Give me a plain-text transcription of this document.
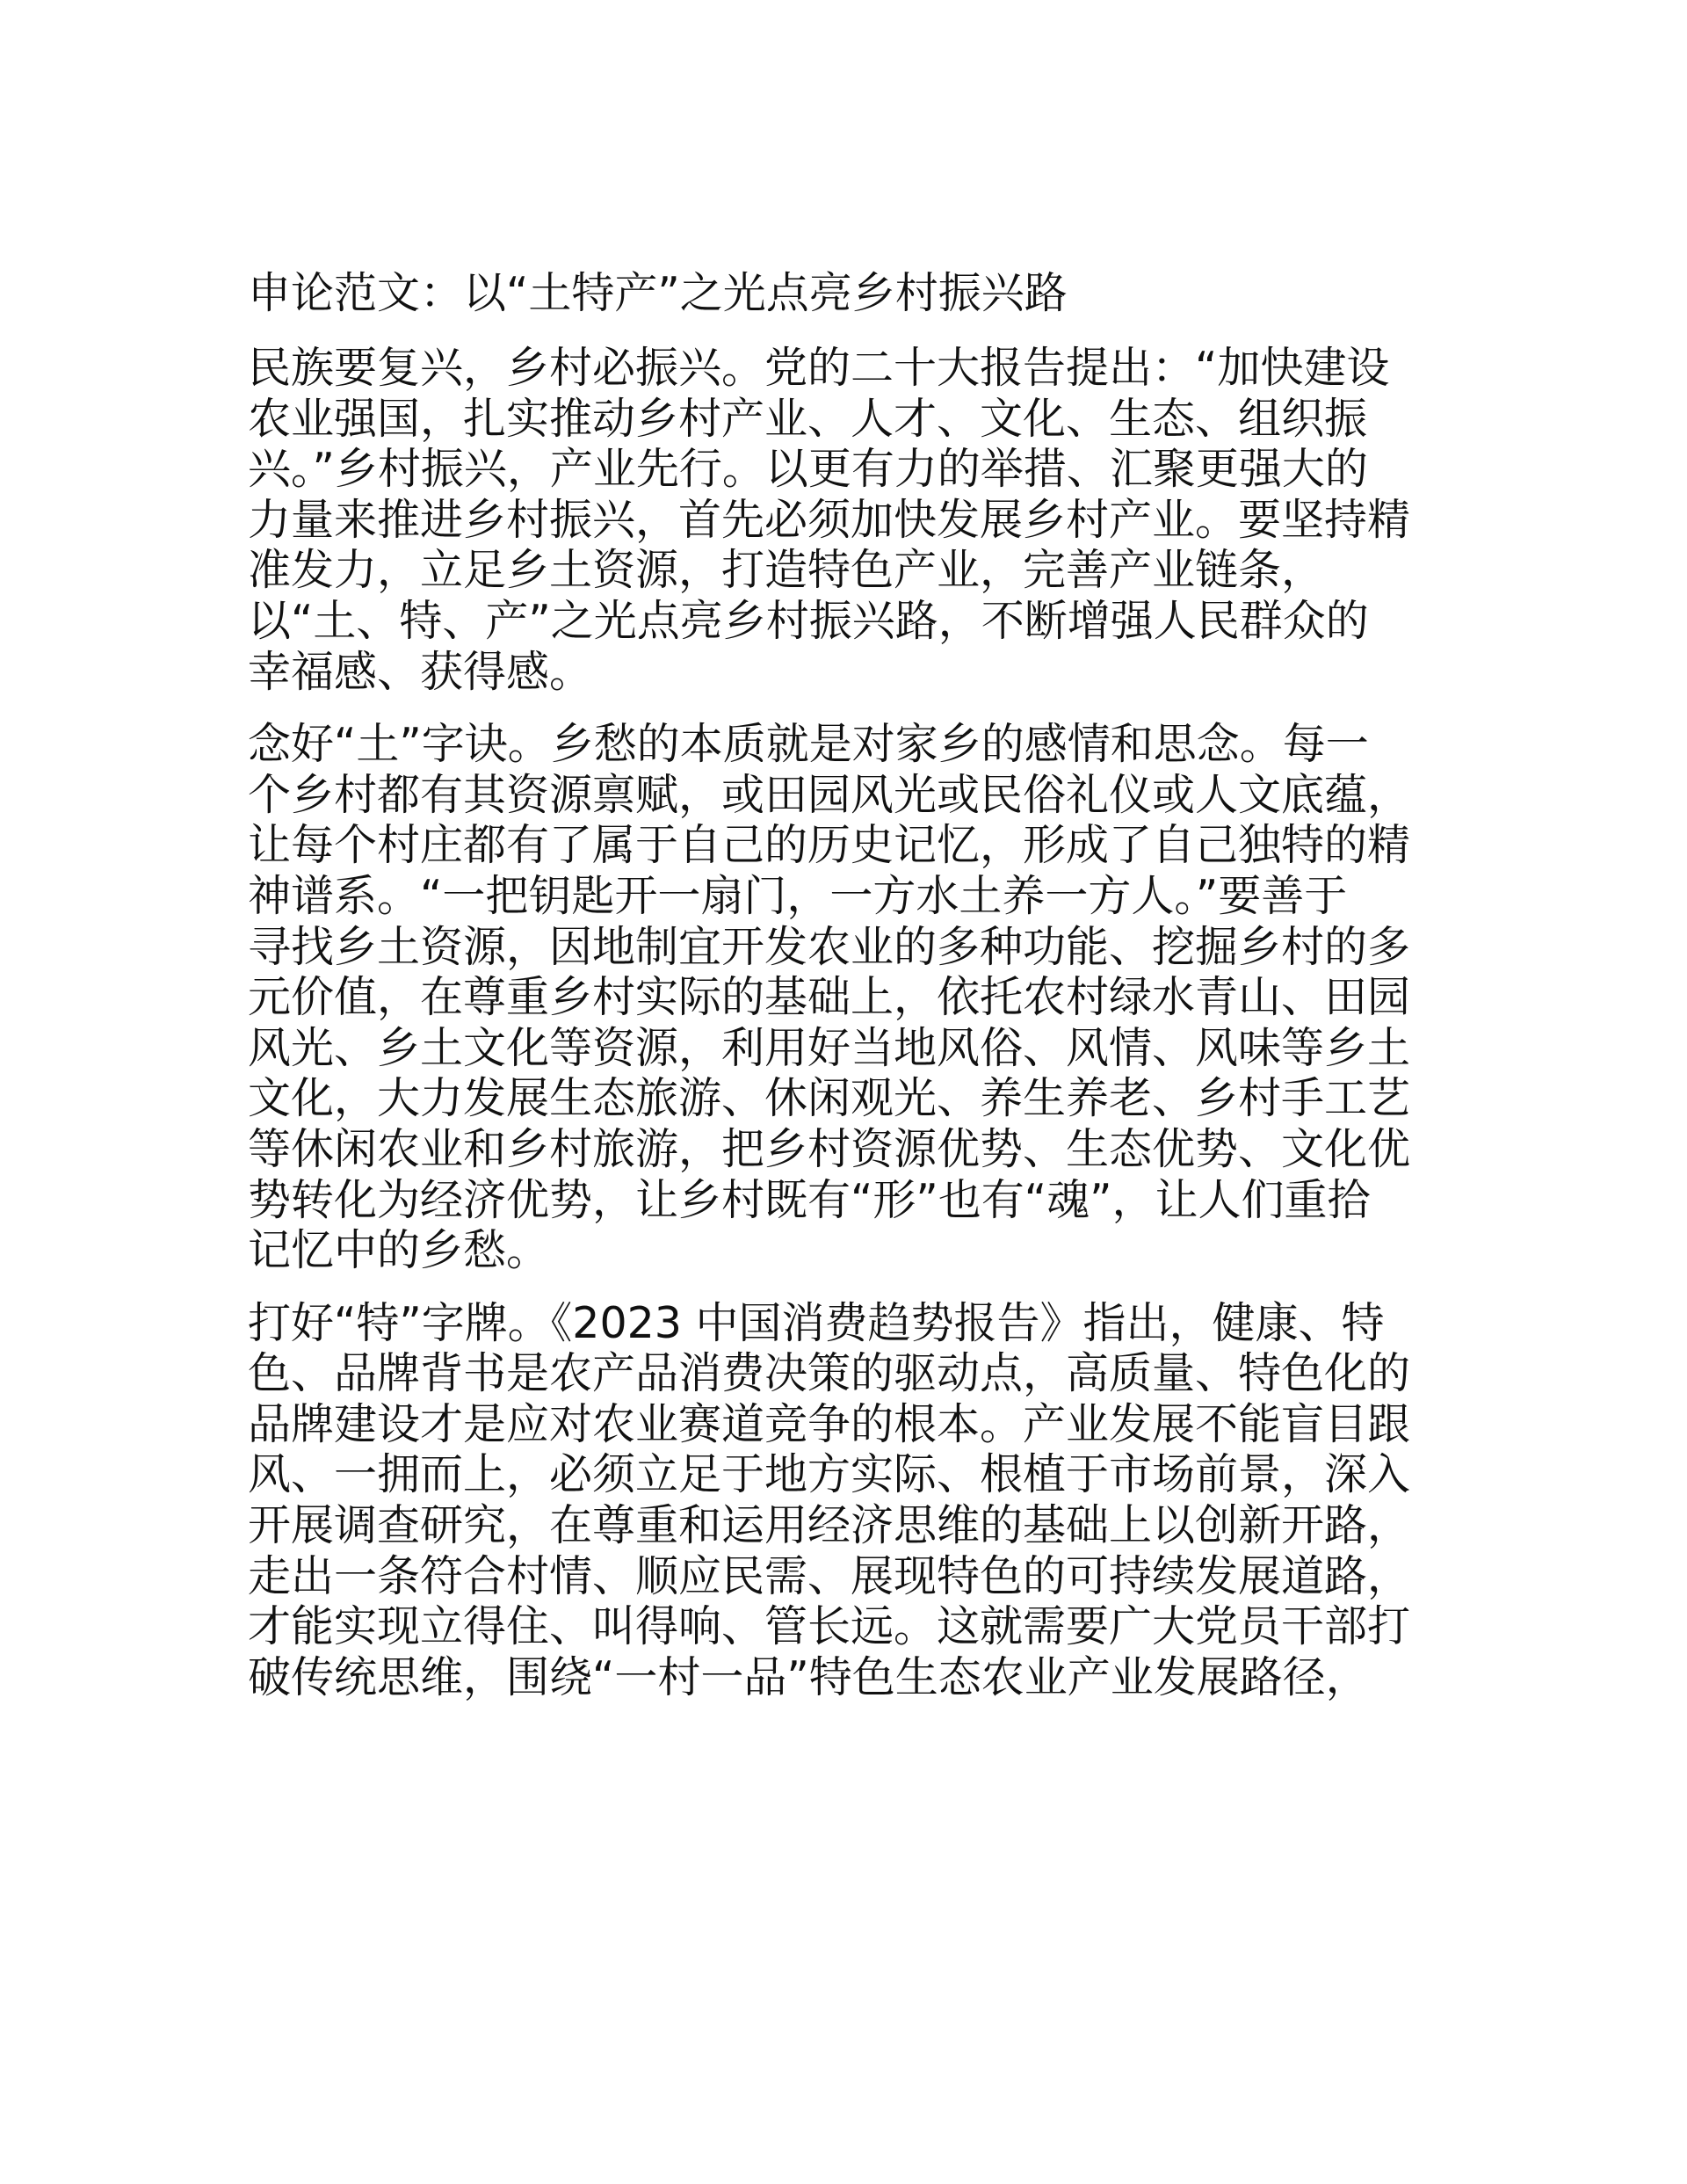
申论范文：以“土特产”之光点亮乡村振兴路
民族要复兴，乡村必振兴。党的二十大报告提出：“加快建设
农业强国，扎实推动乡村产业、人才、文化、生态、组织振
兴。”乡村振兴，产业先行。以更有力的举措、汇聚更强大的
力量来推进乡村振兴，首先必须加快发展乡村产业。要坚持精
准发力，立足乡土资源，打造特色产业，完善产业链条，
以“土、特、产”之光点亮乡村振兴路，不断增强人民群众的
幸福感、获得感。
念好“土”字诀。乡愁的本质就是对家乡的感情和思念。每一
个乡村都有其资源禀赋，或田园风光或民俗礼仪或人文底蕴，
让每个村庄都有了属于自己的历史记忆，形成了自己独特的精
神谱系。“一把钥匙开一扇门，一方水土养一方人。”要善于
寻找乡土资源，因地制宜开发农业的多种功能、挖掘乡村的多
元价值，在尊重乡村实际的基础上，依托农村绿水青山、田园
风光、乡土文化等资源，利用好当地风俗、风情、风味等乡土
文化，大力发展生态旅游、休闲观光、养生养老、乡村手工艺
等休闲农业和乡村旅游，把乡村资源优势、生态优势、文化优
势转化为经济优势，让乡村既有“形”也有“魂”，让人们重拾
记忆中的乡愁。
打好“特”字牌。《2023 中国消费趋势报告》指出，健康、特
色、品牌背书是农产品消费决策的驱动点，高质量、特色化的
品牌建设才是应对农业赛道竞争的根本。产业发展不能盲目跟
风、一拥而上，必须立足于地方实际、根植于市场前景，深入
开展调查研究，在尊重和运用经济思维的基础上以创新开路，
走出一条符合村情、顺应民需、展现特色的可持续发展道路，
才能实现立得住、叫得响、管长远。这就需要广大党员干部打
破传统思维，围绕“一村一品”特色生态农业产业发展路径，
